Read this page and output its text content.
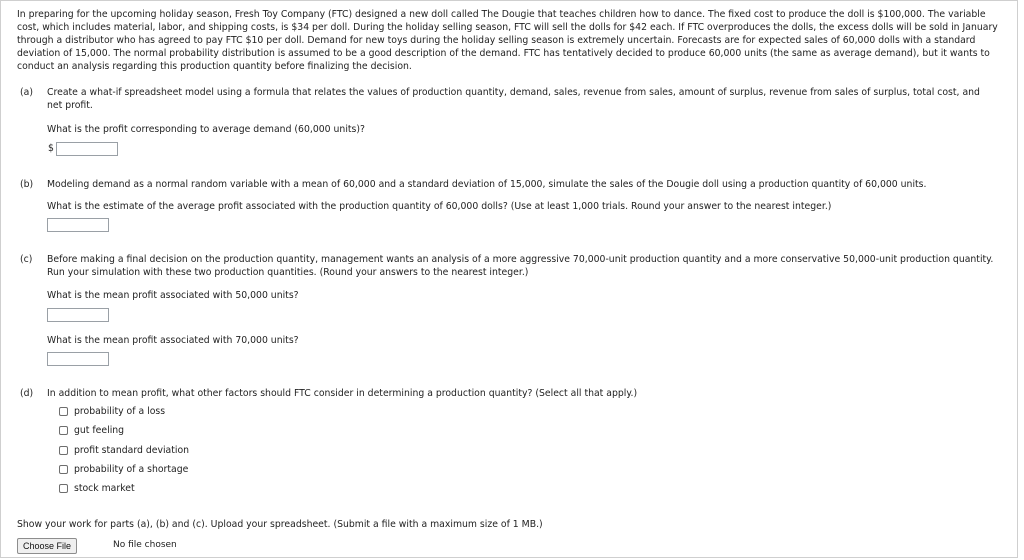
In preparing for the upcoming holiday season, Fresh Toy Company (FTC) designed a new doll called The Dougie that teaches children how to dance. The fixed cost to produce the doll is $100,000. The variable cost, which includes material, labor, and shipping costs, is $34 per doll. During the holiday selling season, FTC will sell the dolls for $42 each. If FTC overproduces the dolls, the excess dolls will be sold in January through a distributor who has agreed to pay FTC $10 per doll. Demand for new toys during the holiday selling season is extremely uncertain. Forecasts are for expected sales of 60,000 dolls with a standard deviation of 15,000. The normal probability distribution is assumed to be a good description of the demand. FTC has tentatively decided to produce 60,000 units (the same as average demand), but it wants to conduct an analysis regarding this production quantity before finalizing the decision.
(a) Create a what-if spreadsheet model using a formula that relates the values of production quantity, demand, sales, revenue from sales, amount of surplus, revenue from sales of surplus, total cost, and net profit.
What is the profit corresponding to average demand (60,000 units)?
$
(b) Modeling demand as a normal random variable with a mean of 60,000 and a standard deviation of 15,000, simulate the sales of the Dougie doll using a production quantity of 60,000 units.
What is the estimate of the average profit associated with the production quantity of 60,000 dolls? (Use at least 1,000 trials. Round your answer to the nearest integer.)
(c) Before making a final decision on the production quantity, management wants an analysis of a more aggressive 70,000-unit production quantity and a more conservative 50,000-unit production quantity. Run your simulation with these two production quantities. (Round your answers to the nearest integer.)
What is the mean profit associated with 50,000 units?
What is the mean profit associated with 70,000 units?
(d) In addition to mean profit, what other factors should FTC consider in determining a production quantity? (Select all that apply.)
probability of a loss
gut feeling
profit standard deviation
probability of a shortage
stock market
Show your work for parts (a), (b) and (c). Upload your spreadsheet. (Submit a file with a maximum size of 1 MB.)
Choose File	No file chosen
